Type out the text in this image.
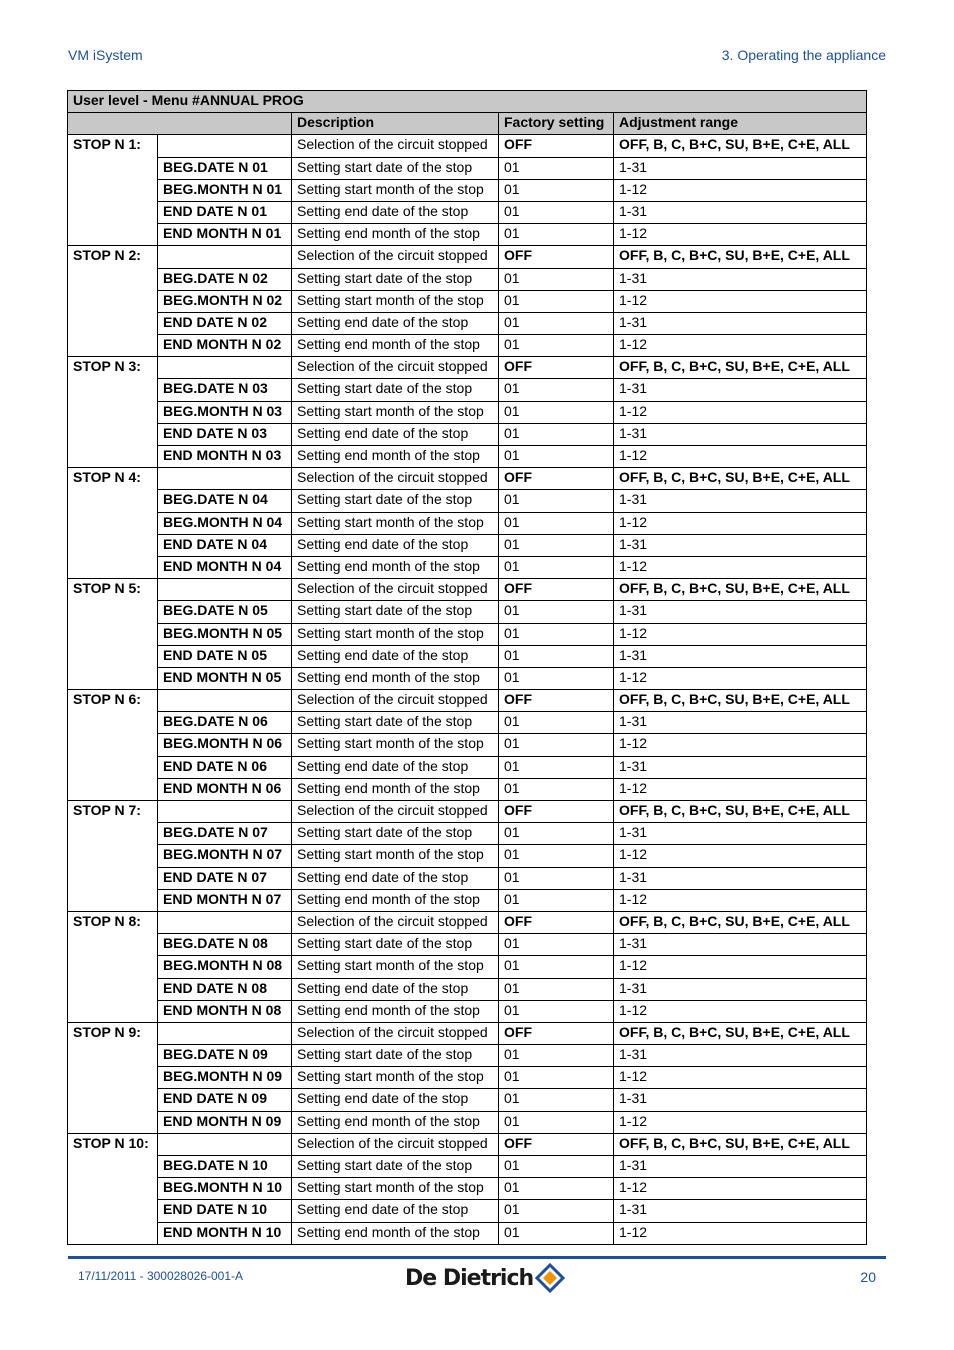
VM iSystem	3. Operating the appliance
User level - Menu #ANNUAL PROG				
		Description	Factory setting	Adjustment range
STOP N 1:		Selection of the circuit stopped	OFF	OFF, B, C, B+C, SU, B+E, C+E, ALL
	BEG.DATE N 01	Setting start date of the stop	01	1-31
	BEG.MONTH N 01	Setting start month of the stop	01	1-12
	END DATE N 01	Setting end date of the stop	01	1-31
	END MONTH N 01	Setting end month of the stop	01	1-12
STOP N 2:		Selection of the circuit stopped	OFF	OFF, B, C, B+C, SU, B+E, C+E, ALL
	BEG.DATE N 02	Setting start date of the stop	01	1-31
	BEG.MONTH N 02	Setting start month of the stop	01	1-12
	END DATE N 02	Setting end date of the stop	01	1-31
	END MONTH N 02	Setting end month of the stop	01	1-12
STOP N 3:		Selection of the circuit stopped	OFF	OFF, B, C, B+C, SU, B+E, C+E, ALL
	BEG.DATE N 03	Setting start date of the stop	01	1-31
	BEG.MONTH N 03	Setting start month of the stop	01	1-12
	END DATE N 03	Setting end date of the stop	01	1-31
	END MONTH N 03	Setting end month of the stop	01	1-12
STOP N 4:		Selection of the circuit stopped	OFF	OFF, B, C, B+C, SU, B+E, C+E, ALL
	BEG.DATE N 04	Setting start date of the stop	01	1-31
	BEG.MONTH N 04	Setting start month of the stop	01	1-12
	END DATE N 04	Setting end date of the stop	01	1-31
	END MONTH N 04	Setting end month of the stop	01	1-12
STOP N 5:		Selection of the circuit stopped	OFF	OFF, B, C, B+C, SU, B+E, C+E, ALL
	BEG.DATE N 05	Setting start date of the stop	01	1-31
	BEG.MONTH N 05	Setting start month of the stop	01	1-12
	END DATE N 05	Setting end date of the stop	01	1-31
	END MONTH N 05	Setting end month of the stop	01	1-12
STOP N 6:		Selection of the circuit stopped	OFF	OFF, B, C, B+C, SU, B+E, C+E, ALL
	BEG.DATE N 06	Setting start date of the stop	01	1-31
	BEG.MONTH N 06	Setting start month of the stop	01	1-12
	END DATE N 06	Setting end date of the stop	01	1-31
	END MONTH N 06	Setting end month of the stop	01	1-12
STOP N 7:		Selection of the circuit stopped	OFF	OFF, B, C, B+C, SU, B+E, C+E, ALL
	BEG.DATE N 07	Setting start date of the stop	01	1-31
	BEG.MONTH N 07	Setting start month of the stop	01	1-12
	END DATE N 07	Setting end date of the stop	01	1-31
	END MONTH N 07	Setting end month of the stop	01	1-12
STOP N 8:		Selection of the circuit stopped	OFF	OFF, B, C, B+C, SU, B+E, C+E, ALL
	BEG.DATE N 08	Setting start date of the stop	01	1-31
	BEG.MONTH N 08	Setting start month of the stop	01	1-12
	END DATE N 08	Setting end date of the stop	01	1-31
	END MONTH N 08	Setting end month of the stop	01	1-12
STOP N 9:		Selection of the circuit stopped	OFF	OFF, B, C, B+C, SU, B+E, C+E, ALL
	BEG.DATE N 09	Setting start date of the stop	01	1-31
	BEG.MONTH N 09	Setting start month of the stop	01	1-12
	END DATE N 09	Setting end date of the stop	01	1-31
	END MONTH N 09	Setting end month of the stop	01	1-12
STOP N 10:		Selection of the circuit stopped	OFF	OFF, B, C, B+C, SU, B+E, C+E, ALL
	BEG.DATE N 10	Setting start date of the stop	01	1-31
	BEG.MONTH N 10	Setting start month of the stop	01	1-12
	END DATE N 10	Setting end date of the stop	01	1-31
	END MONTH N 10	Setting end month of the stop	01	1-12
17/11/2011 - 300028026-001-A	De Dietrich	20
